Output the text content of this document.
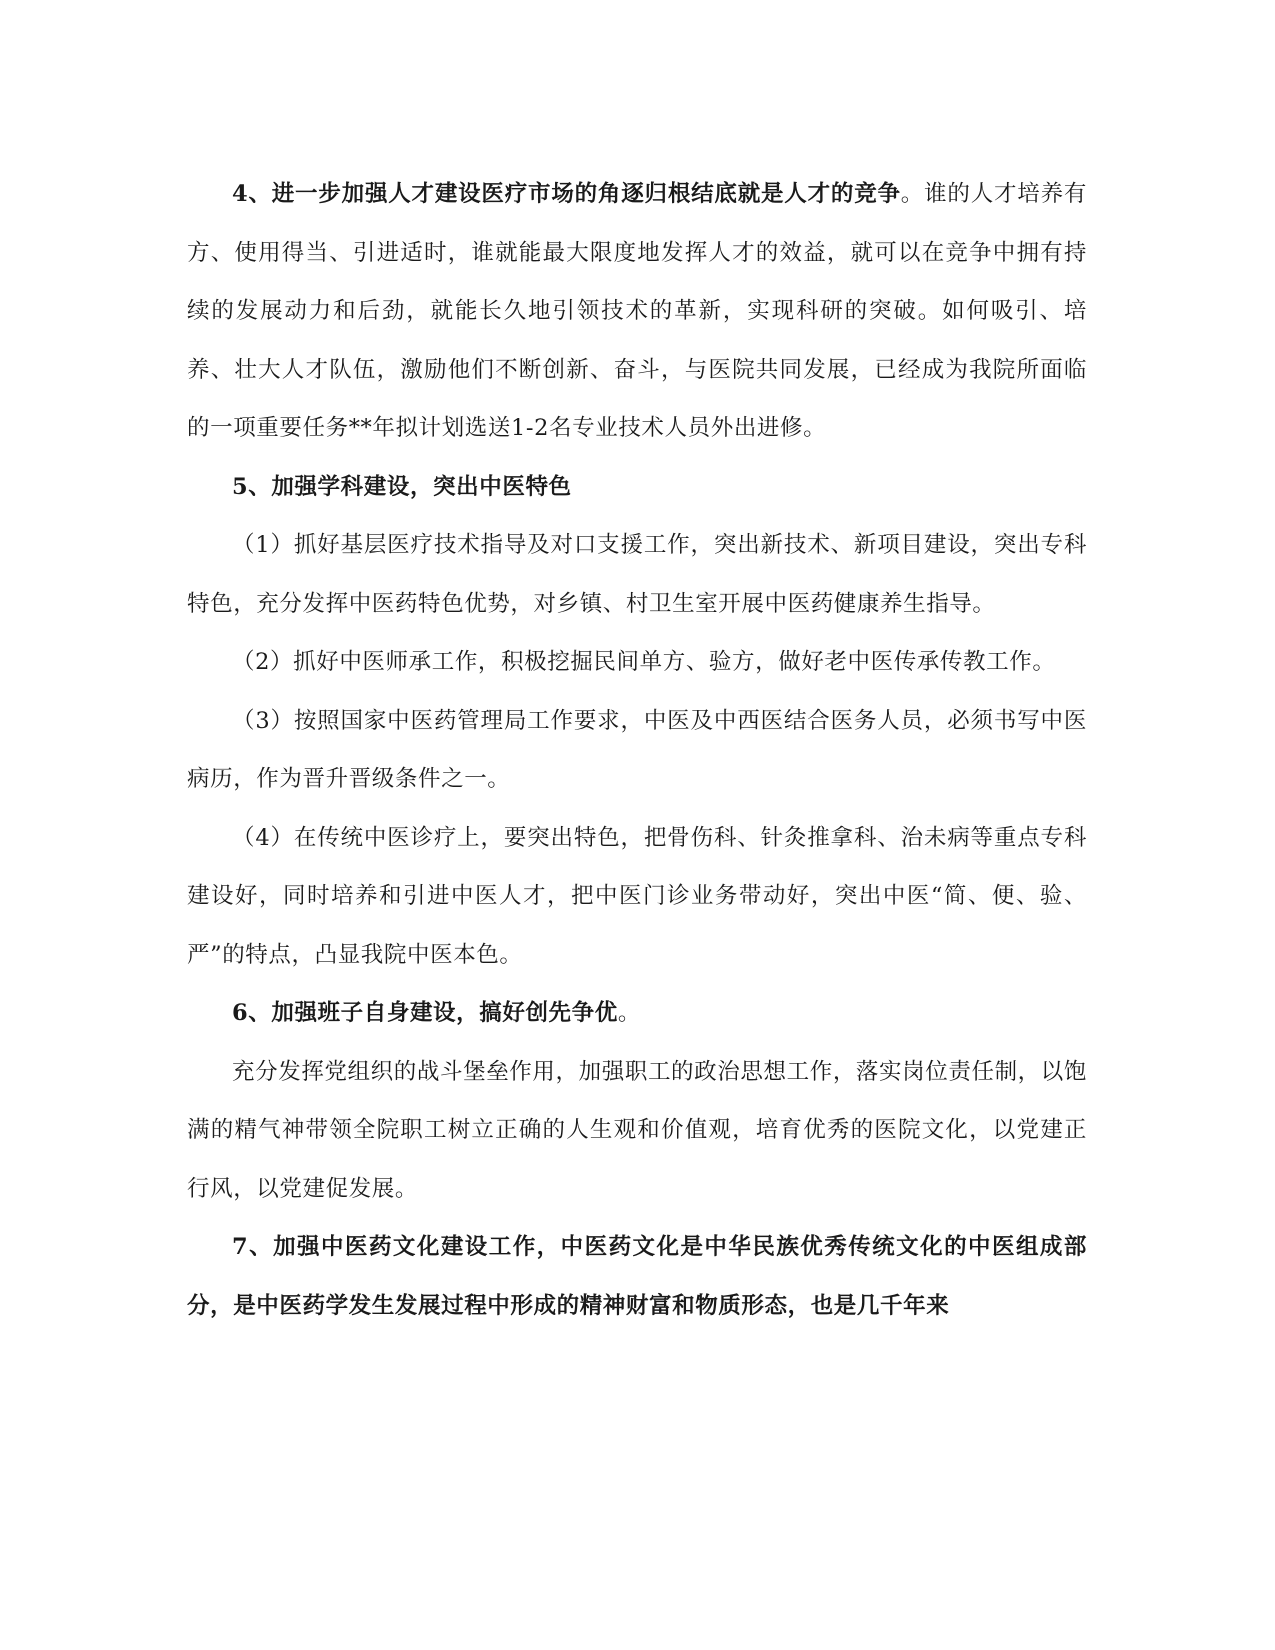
4、进一步加强人才建设医疗市场的角逐归根结底就是人才的竞争。谁的人才培养有方、使用得当、引进适时，谁就能最大限度地发挥人才的效益，就可以在竞争中拥有持续的发展动力和后劲，就能长久地引领技术的革新，实现科研的突破。如何吸引、培养、壮大人才队伍，激励他们不断创新、奋斗，与医院共同发展，已经成为我院所面临的一项重要任务**年拟计划选送1-2名专业技术人员外出进修。

5、加强学科建设，突出中医特色

（1）抓好基层医疗技术指导及对口支援工作，突出新技术、新项目建设，突出专科特色，充分发挥中医药特色优势，对乡镇、村卫生室开展中医药健康养生指导。

（2）抓好中医师承工作，积极挖掘民间单方、验方，做好老中医传承传教工作。

（3）按照国家中医药管理局工作要求，中医及中西医结合医务人员，必须书写中医病历，作为晋升晋级条件之一。

（4）在传统中医诊疗上，要突出特色，把骨伤科、针灸推拿科、治未病等重点专科建设好，同时培养和引进中医人才，把中医门诊业务带动好，突出中医“简、便、验、严”的特点，凸显我院中医本色。

6、加强班子自身建设，搞好创先争优。

充分发挥党组织的战斗堡垒作用，加强职工的政治思想工作，落实岗位责任制，以饱满的精气神带领全院职工树立正确的人生观和价值观，培育优秀的医院文化，以党建正行风，以党建促发展。

7、加强中医药文化建设工作，中医药文化是中华民族优秀传统文化的中医组成部分，是中医药学发生发展过程中形成的精神财富和物质形态，也是几千年来
